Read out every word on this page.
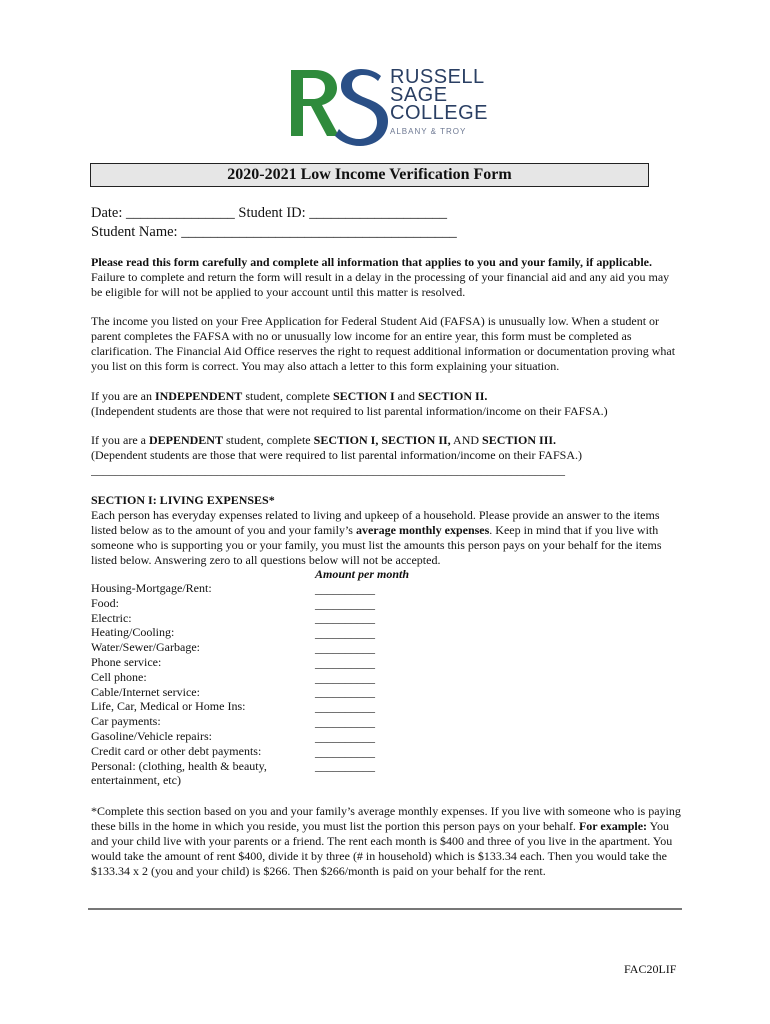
RUSSELL
SAGE
COLLEGE
ALBANY & TROY
2020-2021 Low Income Verification Form
Date: _______________ Student ID: ___________________
Student Name: ______________________________________
Please read this form carefully and complete all information that applies to you and your family, if applicable. Failure to complete and return the form will result in a delay in the processing of your financial aid and any aid you may be eligible for will not be applied to your account until this matter is resolved.
The income you listed on your Free Application for Federal Student Aid (FAFSA) is unusually low. When a student or parent completes the FAFSA with no or unusually low income for an entire year, this form must be completed as clarification. The Financial Aid Office reserves the right to request additional information or documentation proving what you list on this form is correct. You may also attach a letter to this form explaining your situation.
If you are an INDEPENDENT student, complete SECTION I and SECTION II.
(Independent students are those that were not required to list parental information/income on their FAFSA.)
If you are a DEPENDENT student, complete SECTION I, SECTION II, AND SECTION III.
(Dependent students are those that were required to list parental information/income on their FAFSA.)
_______________________________________________________________________________
SECTION I: LIVING EXPENSES*
Each person has everyday expenses related to living and upkeep of a household. Please provide an answer to the items listed below as to the amount of you and your family’s average monthly expenses. Keep in mind that if you live with someone who is supporting you or your family, you must list the amounts this person pays on your behalf for the items listed below. Answering zero to all questions below will not be accepted.
Amount per month
__________
__________
__________
__________
__________
__________
__________
__________
__________
__________
__________
__________
__________
Housing-Mortgage/Rent:
Food:
Electric:
Heating/Cooling:
Water/Sewer/Garbage:
Phone service:
Cell phone:
Cable/Internet service:
Life, Car, Medical or Home Ins:
Car payments:
Gasoline/Vehicle repairs:
Credit card or other debt payments:
Personal: (clothing, health & beauty,
entertainment, etc)
*Complete this section based on you and your family’s average monthly expenses. If you live with someone who is paying these bills in the home in which you reside, you must list the portion this person pays on your behalf. For example: You and your child live with your parents or a friend. The rent each month is $400 and three of you live in the apartment. You would take the amount of rent $400, divide it by three (# in household) which is $133.34 each. Then you would take the $133.34 x 2 (you and your child) is $266. Then $266/month is paid on your behalf for the rent.
FAC20LIF
